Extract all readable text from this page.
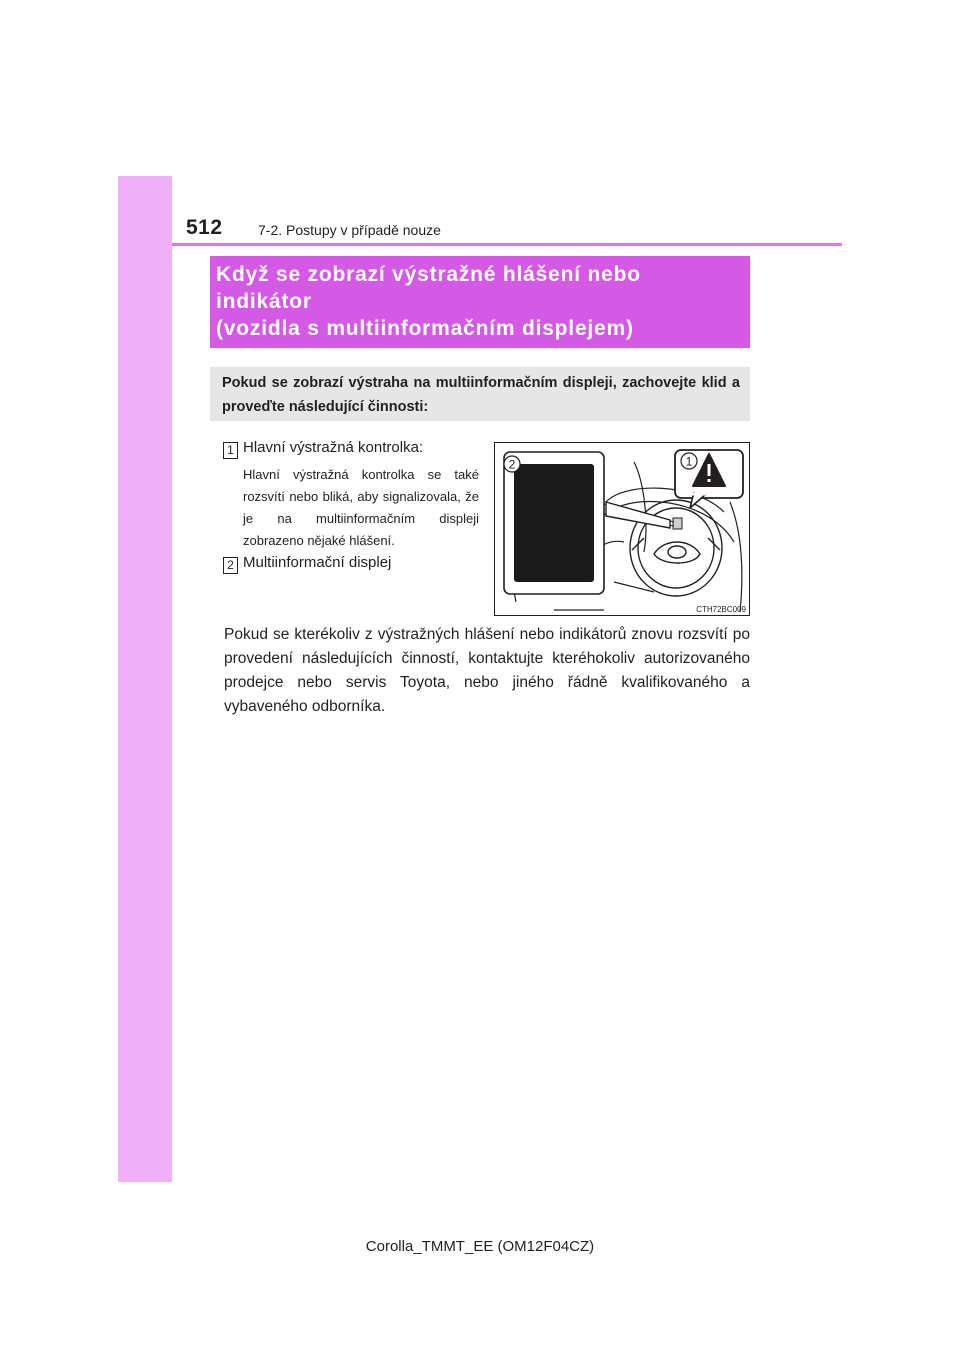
512	7-2. Postupy v případě nouze
Když se zobrazí výstražné hlášení nebo
indikátor
(vozidla s multiinformačním displejem)
Pokud se zobrazí výstraha na multiinformačním displeji, zachovejte klid a proveďte následující činnosti:
1 Hlavní výstražná kontrolka:
Hlavní výstražná kontrolka se také rozsvítí nebo bliká, aby signalizovala, že je na multiinformačním displeji zobrazeno nějaké hlášení.
2 Multiinformační displej
2	1
CTH72BC009
Pokud se kterékoliv z výstražných hlášení nebo indikátorů znovu rozsvítí po provedení následujících činností, kontaktujte kteréhokoliv autorizovaného prodejce nebo servis Toyota, nebo jiného řádně kvalifikovaného a vybaveného odborníka.
Corolla_TMMT_EE (OM12F04CZ)
